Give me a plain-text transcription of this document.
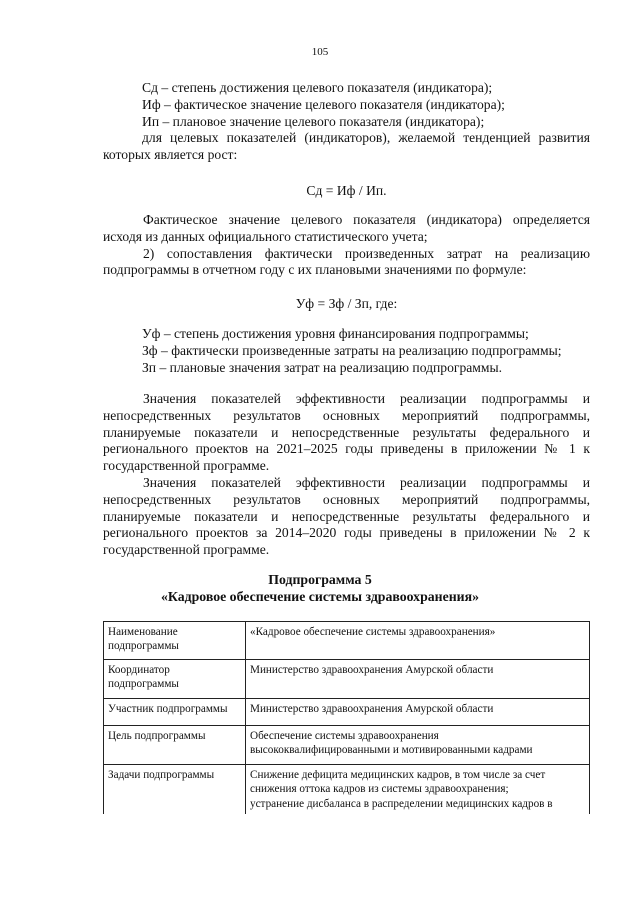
105
Сд – степень достижения целевого показателя (индикатора);
Иф – фактическое значение целевого показателя (индикатора);
Ип – плановое значение целевого показателя (индикатора);
для целевых показателей (индикаторов), желаемой тенденцией развития
которых является рост:
Сд = Иф / Ип.
Фактическое значение целевого показателя (индикатора) определяется
исходя из данных официального статистического учета;
2) сопоставления фактически произведенных затрат на реализацию
подпрограммы в отчетном году с их плановыми значениями по формуле:
Уф = Зф / Зп, где:
Уф – степень достижения уровня финансирования подпрограммы;
Зф – фактически произведенные затраты на реализацию подпрограммы;
Зп – плановые значения затрат на реализацию подпрограммы.
Значения показателей эффективности реализации подпрограммы и
непосредственных результатов основных мероприятий подпрограммы,
планируемые показатели и непосредственные результаты федерального и
регионального проектов на 2021–2025 годы приведены в приложении № 1 к
государственной программе.
Значения показателей эффективности реализации подпрограммы и
непосредственных результатов основных мероприятий подпрограммы,
планируемые показатели и непосредственные результаты федерального и
регионального проектов за 2014–2020 годы приведены в приложении № 2 к
государственной программе.
Подпрограмма 5
«Кадровое обеспечение системы здравоохранения»
Наименование
подпрограммы	«Кадровое обеспечение системы здравоохранения»

Координатор
подпрограммы	Министерство здравоохранения Амурской области

Участник подпрограммы	Министерство здравоохранения Амурской области

Цель подпрограммы	Обеспечение системы здравоохранения
высококвалифицированными и мотивированными кадрами

Задачи подпрограммы	Снижение дефицита медицинских кадров, в том числе за счет
снижения оттока кадров из системы здравоохранения;
устранение дисбаланса в распределении медицинских кадров в
